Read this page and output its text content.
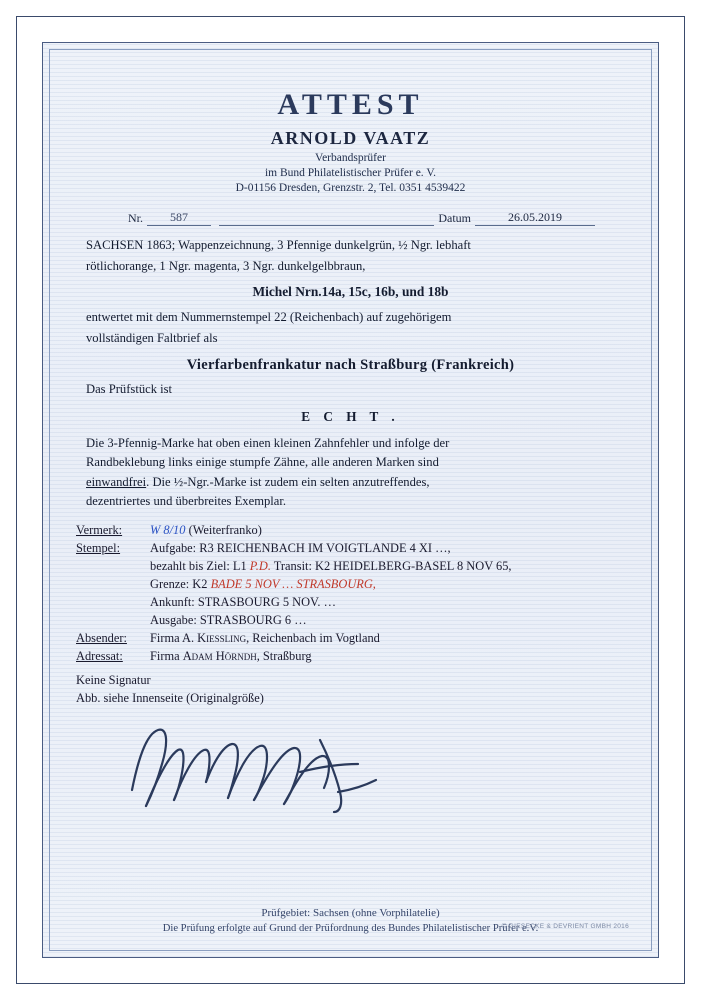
ATTEST
ARNOLD VAATZ
Verbandsprüfer
im Bund Philatelistischer Prüfer e. V.
D-01156 Dresden, Grenzstr. 2, Tel. 0351 4539422
Nr.	587
	Datum	26.05.2019
SACHSEN 1863; Wappenzeichnung, 3 Pfennige dunkelgrün, ½ Ngr. lebhaft
rötlichorange, 1 Ngr. magenta, 3 Ngr. dunkelgelbbraun,
Michel Nrn.14a, 15c, 16b, und 18b
entwertet mit dem Nummernstempel 22 (Reichenbach) auf zugehörigem
vollständigen Faltbrief als
Vierfarbenfrankatur nach Straßburg (Frankreich)
Das Prüfstück ist
E C H T .
Die 3-Pfennig-Marke hat oben einen kleinen Zahnfehler und infolge der
Randbeklebung links einige stumpfe Zähne, alle anderen Marken sind
einwandfrei. Die ½-Ngr.-Marke ist zudem ein selten anzutreffendes,
dezentriertes und überbreites Exemplar.
Vermerk:	W 8/10 (Weiterfranko)
Stempel:	Aufgabe: R3 REICHENBACH IM VOIGTLANDE 4 XI …,
bezahlt bis Ziel: L1 P.D. Transit: K2 HEIDELBERG-BASEL 8 NOV 65,
Grenze: K2 BADE 5 NOV … STRASBOURG,
Ankunft: STRASBOURG 5 NOV. …
Ausgabe: STRASBOURG 6 …
Absender:	Firma A. Kiessling, Reichenbach im Vogtland
Adressat:	Firma Adam Hörndh, Straßburg
Keine Signatur
Abb. siehe Innenseite (Originalgröße)
Prüfgebiet: Sachsen (ohne Vorphilatelie)
Die Prüfung erfolgte auf Grund der Prüfordnung des Bundes Philatelistischer Prüfer e.V.
© GIESECKE & DEVRIENT GMBH 2016
